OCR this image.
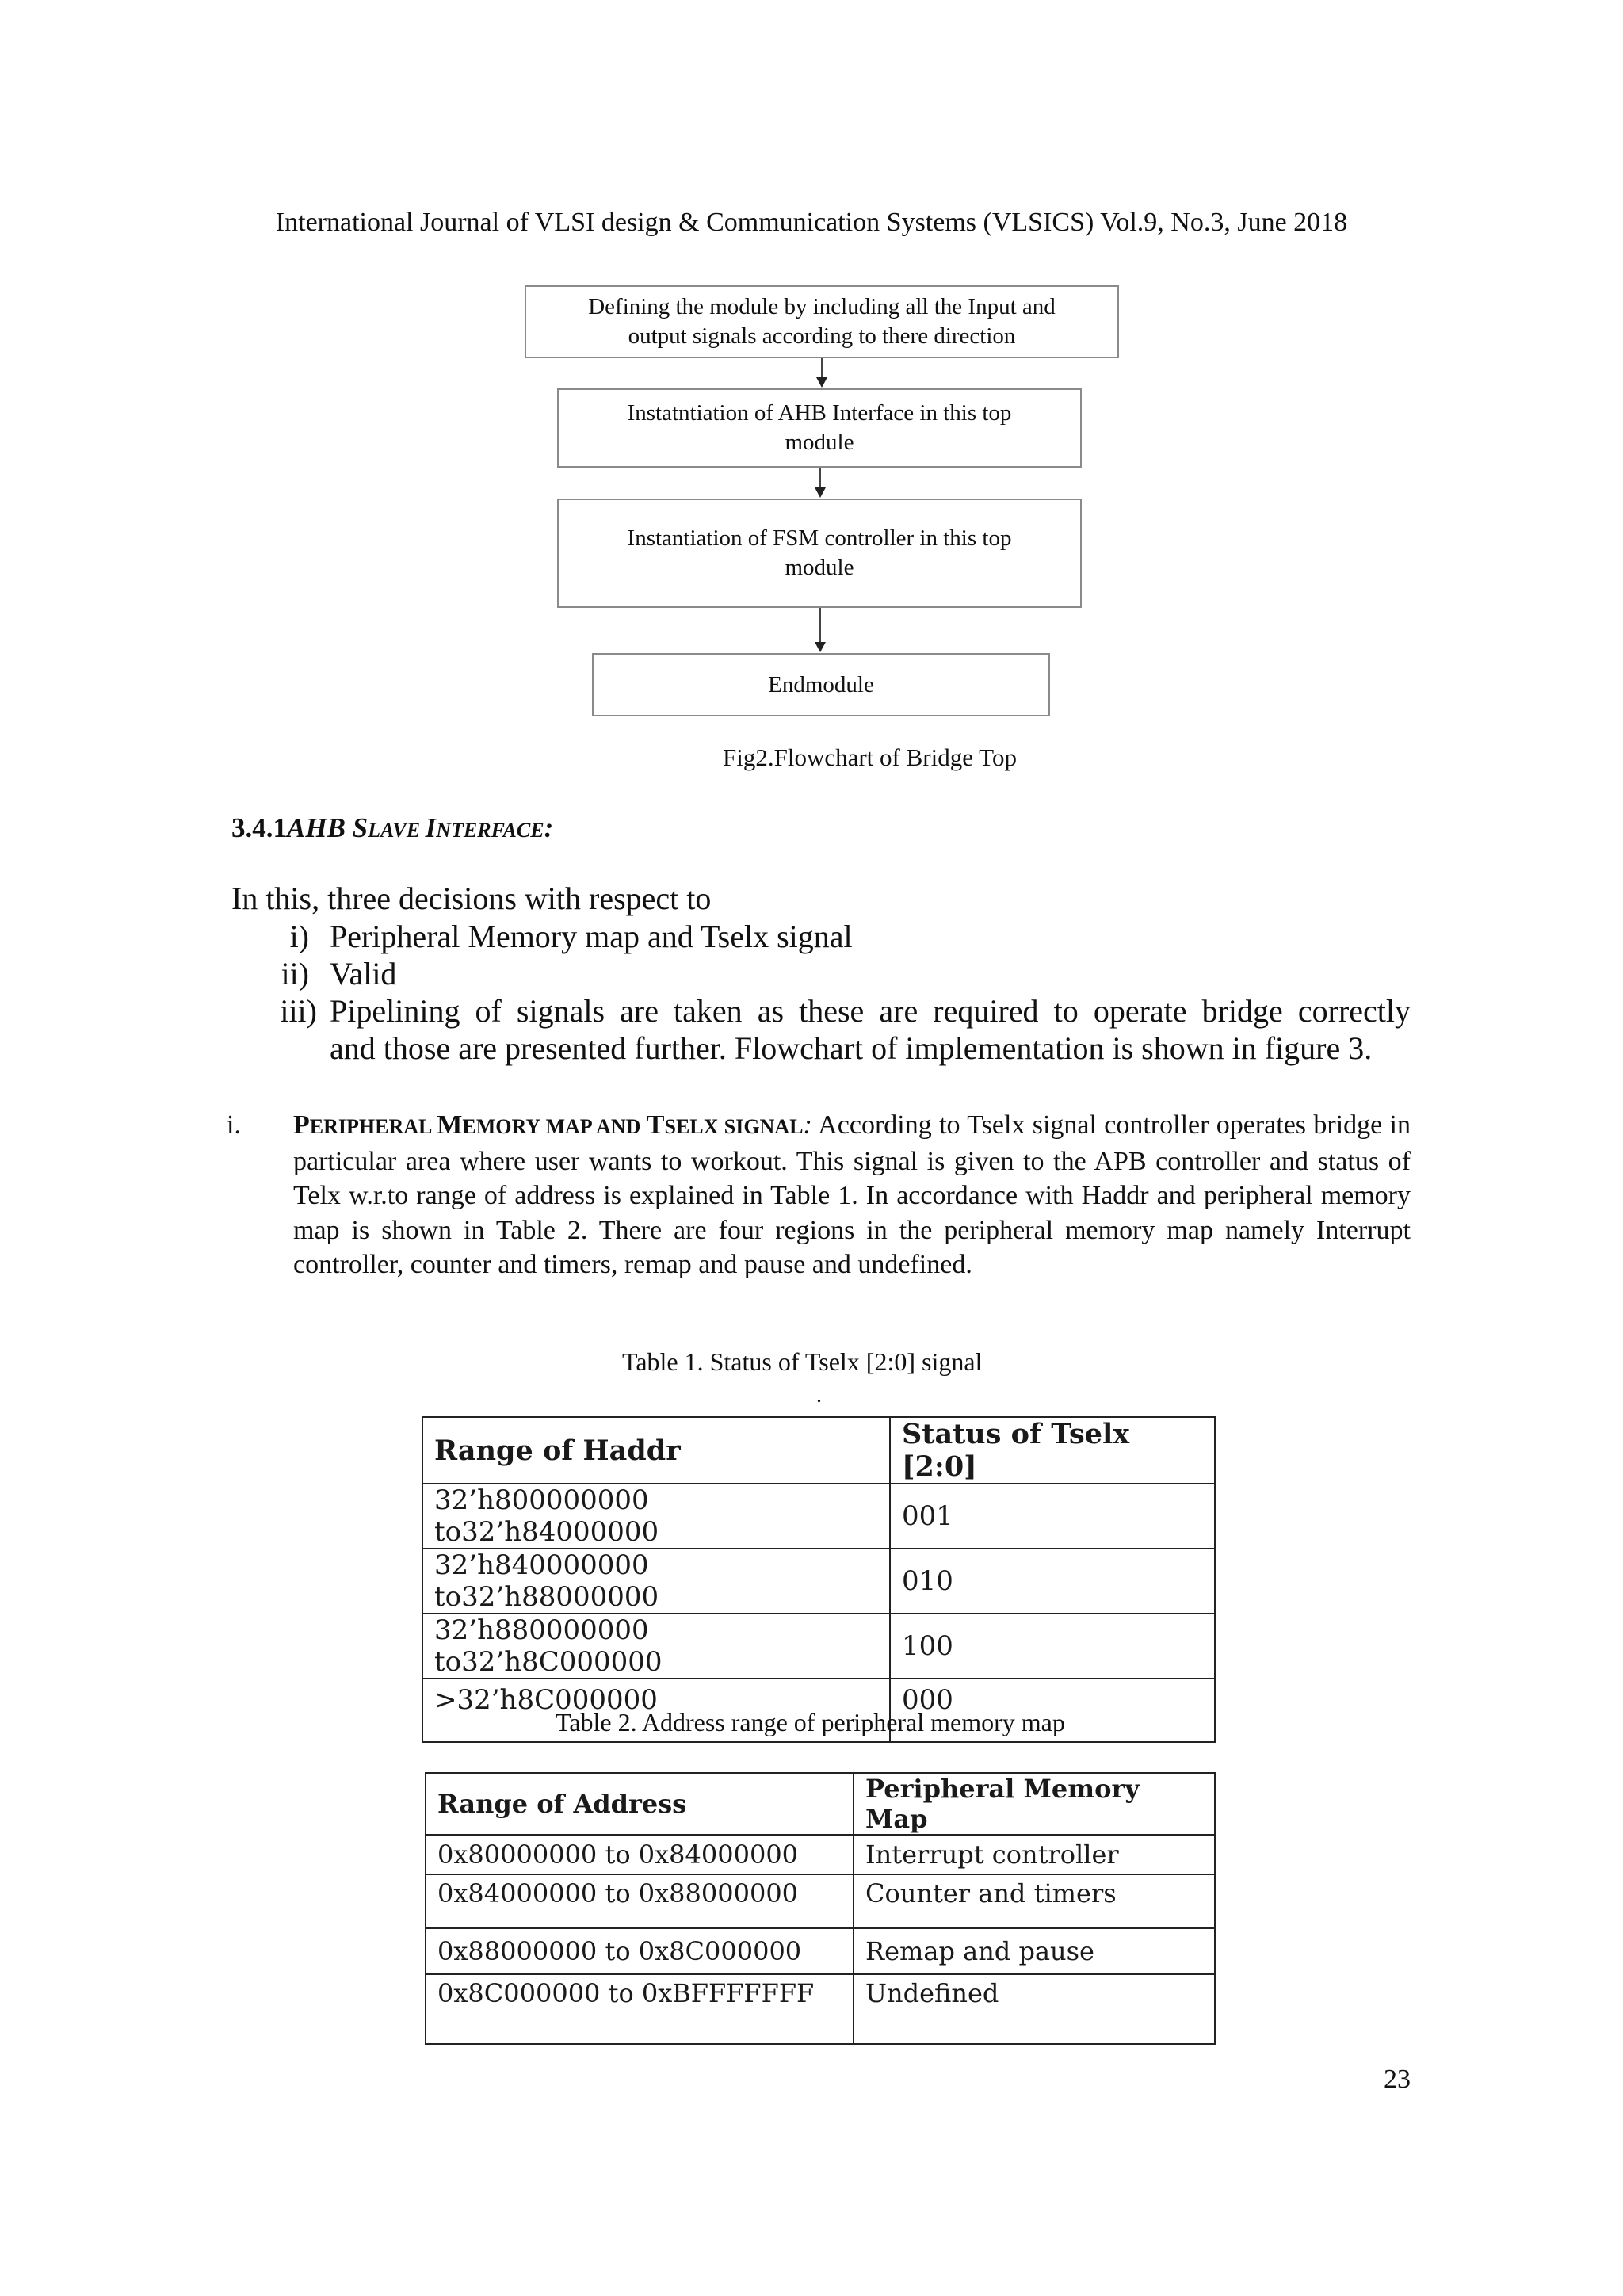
International Journal of VLSI design & Communication Systems (VLSICS) Vol.9, No.3, June 2018
Defining the module by including all the Input and
output signals according to there direction
Instatntiation of AHB Interface in this top
module
Instantiation of FSM controller in this top
module
Endmodule
Fig2.Flowchart of Bridge Top
3.4.1AHB SLAVE INTERFACE:
In this, three decisions with respect to
i) Peripheral Memory map and Tselx signal
ii) Valid
iii) Pipelining of signals are taken as these are required to operate bridge correctly
and those are presented further. Flowchart of implementation is shown in figure 3.
i. PERIPHERAL MEMORY MAP AND TSELX SIGNAL: According to Tselx signal controller operates bridge in particular area where user wants to workout. This signal is given to the APB controller and status of Telx w.r.to range of address is explained in Table 1. In accordance with Haddr and peripheral memory map is shown in Table 2. There are four regions in the peripheral memory map namely Interrupt controller, counter and timers, remap and pause and undefined.
Table 1. Status of Tselx [2:0] signal
.
Range of Haddr	Status of Tselx [2:0]
32’h800000000 to32’h84000000	001
32’h840000000 to32’h88000000	010
32’h880000000 to32’h8C000000	100
>32’h8C000000	000
Table 2. Address range of peripheral memory map
Range of Address	Peripheral Memory Map
0x80000000 to 0x84000000	Interrupt controller
0x84000000 to 0x88000000	Counter and timers
0x88000000 to 0x8C000000	Remap and pause
0x8C000000 to 0xBFFFFFFF	Undefined
23
